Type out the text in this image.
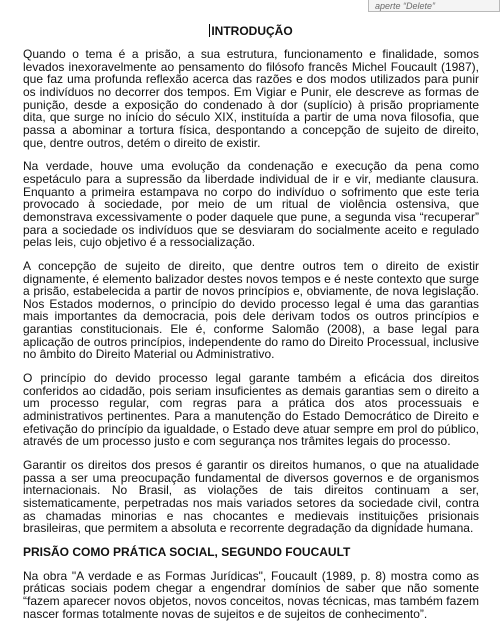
aperte “Delete”
INTRODUÇÃO

Quando o tema é a prisão, a sua estrutura, funcionamento e finalidade, somos levados inexoravelmente ao pensamento do filósofo francês Michel Foucault (1987), que faz uma profunda reflexão acerca das razões e dos modos utilizados para punir os indivíduos no decorrer dos tempos. Em Vigiar e Punir, ele descreve as formas de punição, desde a exposição do condenado à dor (suplício) à prisão propriamente dita, que surge no início do século XIX, instituída a partir de uma nova filosofia, que passa a abominar a tortura física, despontando a concepção de sujeito de direito, que, dentre outros, detém o direito de existir.

Na verdade, houve uma evolução da condenação e execução da pena como espetáculo para a supressão da liberdade individual de ir e vir, mediante clausura. Enquanto a primeira estampava no corpo do indivíduo o sofrimento que este teria provocado à sociedade, por meio de um ritual de violência ostensiva, que demonstrava excessivamente o poder daquele que pune, a segunda visa “recuperar” para a sociedade os indivíduos que se desviaram do socialmente aceito e regulado pelas leis, cujo objetivo é a ressocialização.

A concepção de sujeito de direito, que dentre outros tem o direito de existir dignamente, é elemento balizador destes novos tempos e é neste contexto que surge a prisão, estabelecida a partir de novos princípios e, obviamente, de nova legislação. Nos Estados modernos, o princípio do devido processo legal é uma das garantias mais importantes da democracia, pois dele derivam todos os outros princípios e garantias constitucionais. Ele é, conforme Salomão (2008), a base legal para aplicação de outros princípios, independente do ramo do Direito Processual, inclusive no âmbito do Direito Material ou Administrativo.

O princípio do devido processo legal garante também a eficácia dos direitos conferidos ao cidadão, pois seriam insuficientes as demais garantias sem o direito a um processo regular, com regras para a prática dos atos processuais e administrativos pertinentes. Para a manutenção do Estado Democrático de Direito e efetivação do princípio da igualdade, o Estado deve atuar sempre em prol do público, através de um processo justo e com segurança nos trâmites legais do processo.

Garantir os direitos dos presos é garantir os direitos humanos, o que na atualidade passa a ser uma preocupação fundamental de diversos governos e de organismos internacionais. No Brasil, as violações de tais direitos continuam a ser, sistematicamente, perpetradas nos mais variados setores da sociedade civil, contra as chamadas minorias e nas chocantes e medievais instituições prisionais brasileiras, que permitem a absoluta e recorrente degradação da dignidade humana.

PRISÃO COMO PRÁTICA SOCIAL, SEGUNDO FOUCAULT

Na obra "A verdade e as Formas Jurídicas", Foucault (1989, p. 8) mostra como as práticas sociais podem chegar a engendrar domínios de saber que não somente “fazem aparecer novos objetos, novos conceitos, novas técnicas, mas também fazem nascer formas totalmente novas de sujeitos e de sujeitos de conhecimento”.
